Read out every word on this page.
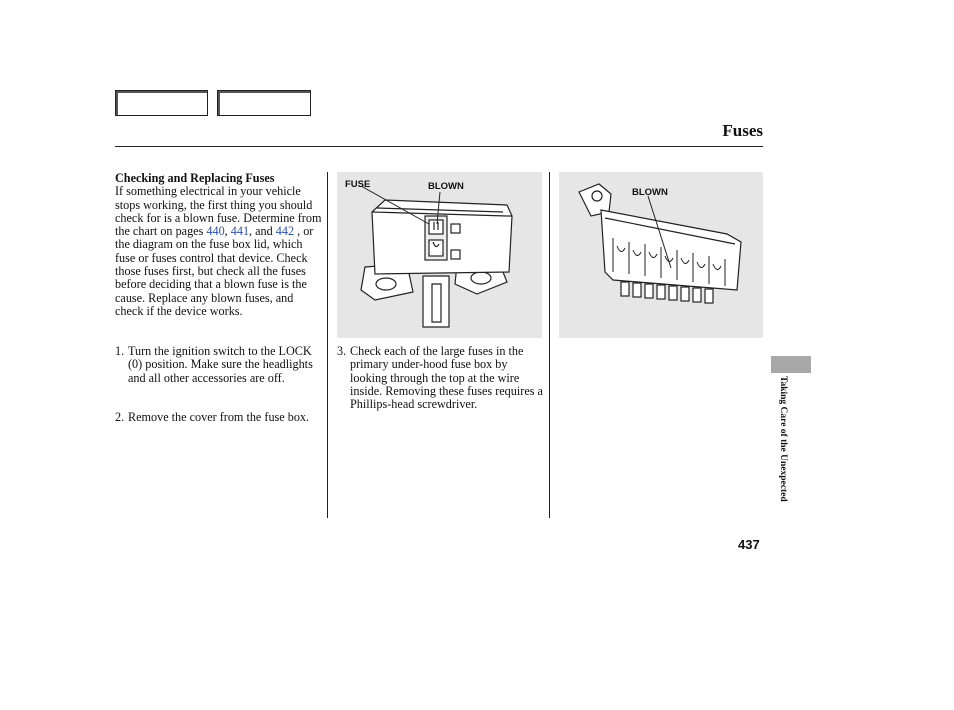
Fuses
Checking and Replacing Fuses
If something electrical in your vehicle stops working, the first thing you should check for is a blown fuse. Determine from the chart on pages 440, 441, and 442 , or the diagram on the fuse box lid, which fuse or fuses control that device. Check those fuses first, but check all the fuses before deciding that a blown fuse is the cause. Replace any blown fuses, and check if the device works.
1. Turn the ignition switch to the LOCK (0) position. Make sure the headlights and all other accessories are off.
2. Remove the cover from the fuse box.
3. Check each of the large fuses in the primary under-hood fuse box by looking through the top at the wire inside. Removing these fuses requires a Phillips-head screwdriver.
FUSE	BLOWN
BLOWN
Taking Care of the Unexpected
437
